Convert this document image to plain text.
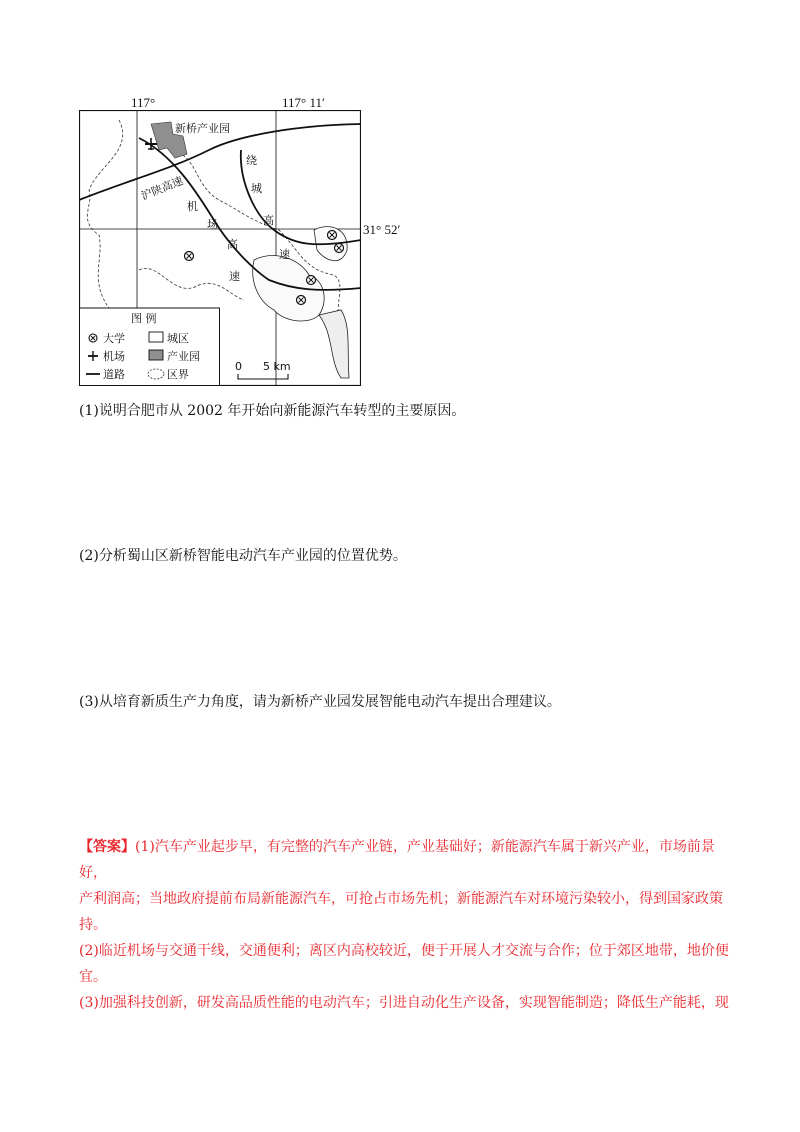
117°	117° 11′
31° 52′
新桥产业园
沪陕高速
机
场
高
速
绕
城
高
速
图 例
大学
机场
道路
城区
产业园
区界
0 5 km
(1)说明合肥市从 2002 年开始向新能源汽车转型的主要原因。
(2)分析蜀山区新桥智能电动汽车产业园的位置优势。
(3)从培育新质生产力角度，请为新桥产业园发展智能电动汽车提出合理建议。

【答案】(1)汽车产业起步早，有完整的汽车产业链，产业基础好；新能源汽车属于新兴产业，市场前景好，

产利润高；当地政府提前布局新能源汽车，可抢占市场先机；新能源汽车对环境污染较小，得到国家政策

持。

(2)临近机场与交通干线，交通便利；离区内高校较近，便于开展人才交流与合作；位于郊区地带，地价便

宜。

(3)加强科技创新，研发高品质性能的电动汽车；引进自动化生产设备，实现智能制造；降低生产能耗，现
